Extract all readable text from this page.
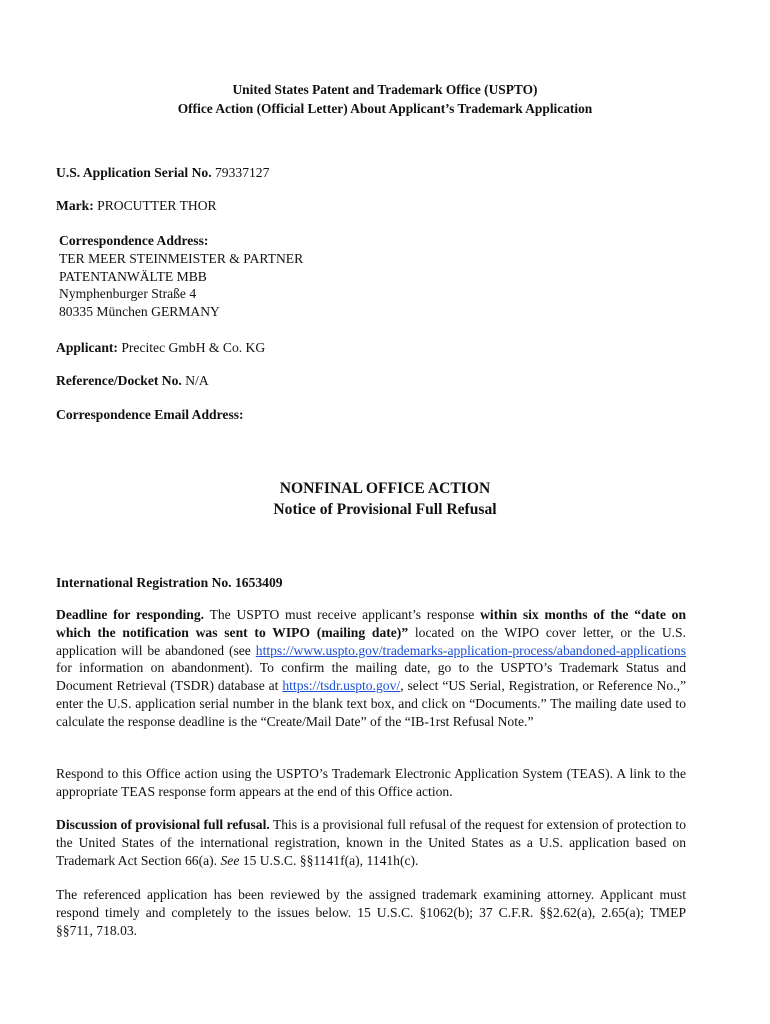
United States Patent and Trademark Office (USPTO)
Office Action (Official Letter) About Applicant’s Trademark Application
U.S. Application Serial No. 79337127
Mark: PROCUTTER THOR
Correspondence Address:
TER MEER STEINMEISTER & PARTNER
PATENTANWÄLTE MBB
Nymphenburger Straße 4
80335 München GERMANY
Applicant: Precitec GmbH & Co. KG
Reference/Docket No. N/A
Correspondence Email Address:
NONFINAL OFFICE ACTION
Notice of Provisional Full Refusal
International Registration No. 1653409
Deadline for responding. The USPTO must receive applicant’s response within six months of the “date on which the notification was sent to WIPO (mailing date)” located on the WIPO cover letter, or the U.S. application will be abandoned (see https://www.uspto.gov/trademarks-application-process/abandoned-applications for information on abandonment). To confirm the mailing date, go to the USPTO’s Trademark Status and Document Retrieval (TSDR) database at https://tsdr.uspto.gov/, select “US Serial, Registration, or Reference No.,” enter the U.S. application serial number in the blank text box, and click on “Documents.” The mailing date used to calculate the response deadline is the “Create/Mail Date” of the “IB-1rst Refusal Note.”
Respond to this Office action using the USPTO’s Trademark Electronic Application System (TEAS). A link to the appropriate TEAS response form appears at the end of this Office action.
Discussion of provisional full refusal. This is a provisional full refusal of the request for extension of protection to the United States of the international registration, known in the United States as a U.S. application based on Trademark Act Section 66(a). See 15 U.S.C. §§1141f(a), 1141h(c).
The referenced application has been reviewed by the assigned trademark examining attorney. Applicant must respond timely and completely to the issues below. 15 U.S.C. §1062(b); 37 C.F.R. §§2.62(a), 2.65(a); TMEP §§711, 718.03.
